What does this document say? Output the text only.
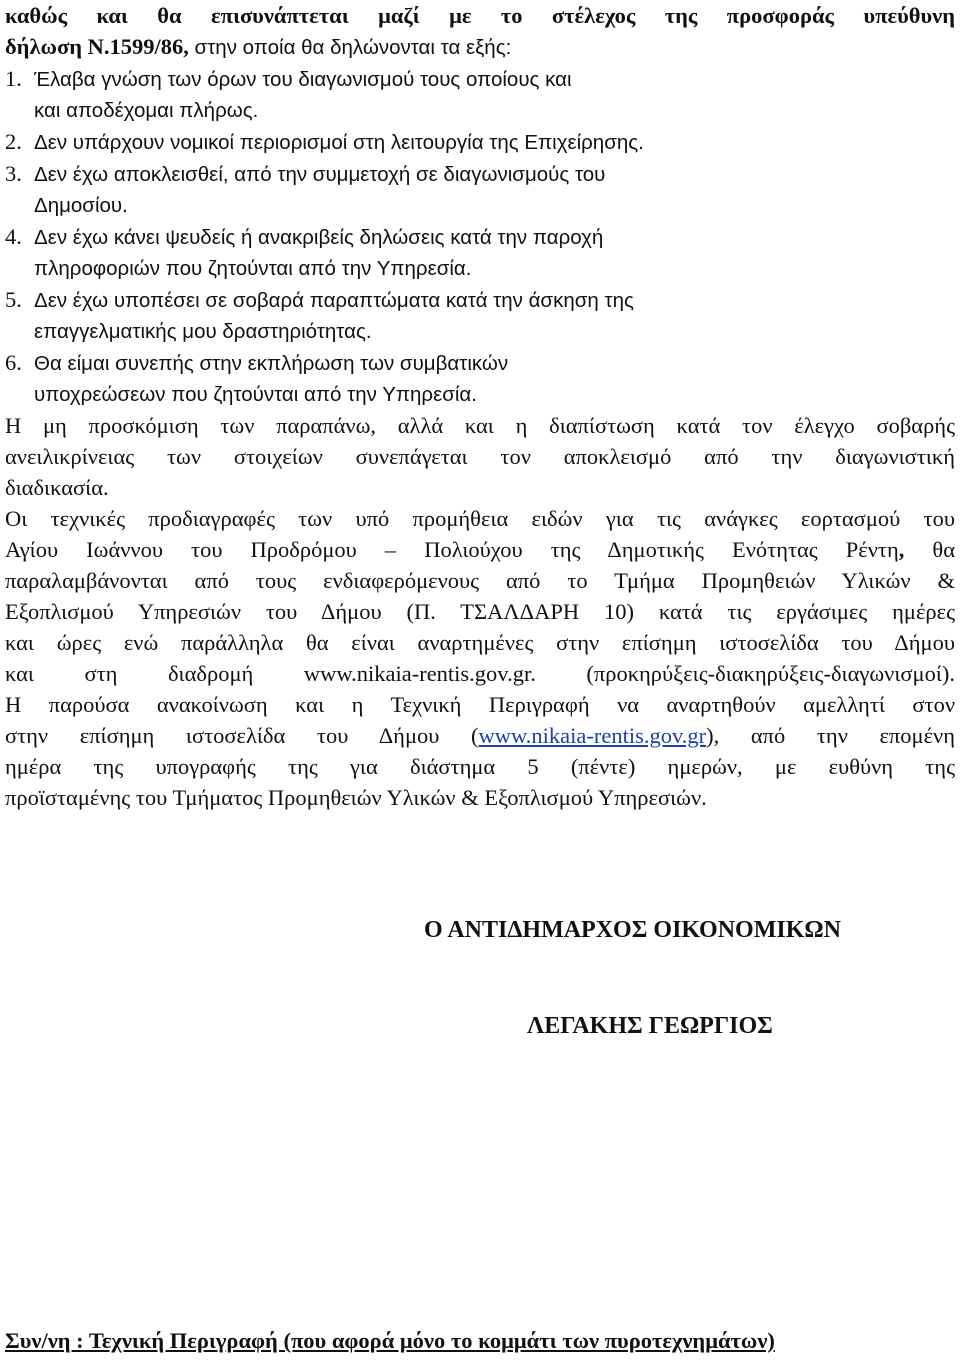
καθώς και θα επισυνάπτεται μαζί με το στέλεχος της προσφοράς υπεύθυνη
δήλωση Ν.1599/86, στην οποία θα δηλώνονται τα εξής:
1. Έλαβα γνώση των όρων του διαγωνισμού τους οποίους και
και αποδέχομαι πλήρως.
2. Δεν υπάρχουν νομικοί περιορισμοί στη λειτουργία της Επιχείρησης.
3. Δεν έχω αποκλεισθεί, από την συμμετοχή σε διαγωνισμούς του
Δημοσίου.
4. Δεν έχω κάνει ψευδείς ή ανακριβείς δηλώσεις κατά την παροχή
πληροφοριών που ζητούνται από την Υπηρεσία.
5. Δεν έχω υποπέσει σε σοβαρά παραπτώματα κατά την άσκηση της
επαγγελματικής μου δραστηριότητας.
6. Θα είμαι συνεπής στην εκπλήρωση των συμβατικών
υποχρεώσεων που ζητούνται από την Υπηρεσία.
Η μη προσκόμιση των παραπάνω, αλλά και η διαπίστωση κατά τον έλεγχο σοβαρής
ανειλικρίνειας των στοιχείων συνεπάγεται τον αποκλεισμό από την διαγωνιστική
διαδικασία.
Οι τεχνικές προδιαγραφές των υπό προμήθεια ειδών για τις ανάγκες εορτασμού του
Αγίου Ιωάννου του Προδρόμου – Πολιούχου της Δημοτικής Ενότητας Ρέντη, θα
παραλαμβάνονται από τους ενδιαφερόμενους από το Τμήμα Προμηθειών Υλικών &
Εξοπλισμού Υπηρεσιών του Δήμου (Π. ΤΣΑΛΔΑΡΗ 10) κατά τις εργάσιμες ημέρες
και ώρες ενώ παράλληλα θα είναι αναρτημένες στην επίσημη ιστοσελίδα του Δήμου
και στη διαδρομή www.nikaia-rentis.gov.gr. (προκηρύξεις-διακηρύξεις-διαγωνισμοί).
Η παρούσα ανακοίνωση και η Τεχνική Περιγραφή να αναρτηθούν αμελλητί στον
στην επίσημη ιστοσελίδα του Δήμου (www.nikaia-rentis.gov.gr), από την επομένη
ημέρα της υπογραφής της για διάστημα 5 (πέντε) ημερών, με ευθύνη της
προϊσταμένης του Τμήματος Προμηθειών Υλικών & Εξοπλισμού Υπηρεσιών.
Ο ΑΝΤΙΔΗΜΑΡΧΟΣ ΟΙΚΟΝΟΜΙΚΩΝ
ΛΕΓΑΚΗΣ ΓΕΩΡΓΙΟΣ
Συν/νη : Τεχνική Περιγραφή (που αφορά μόνο το κομμάτι των πυροτεχνημάτων)
